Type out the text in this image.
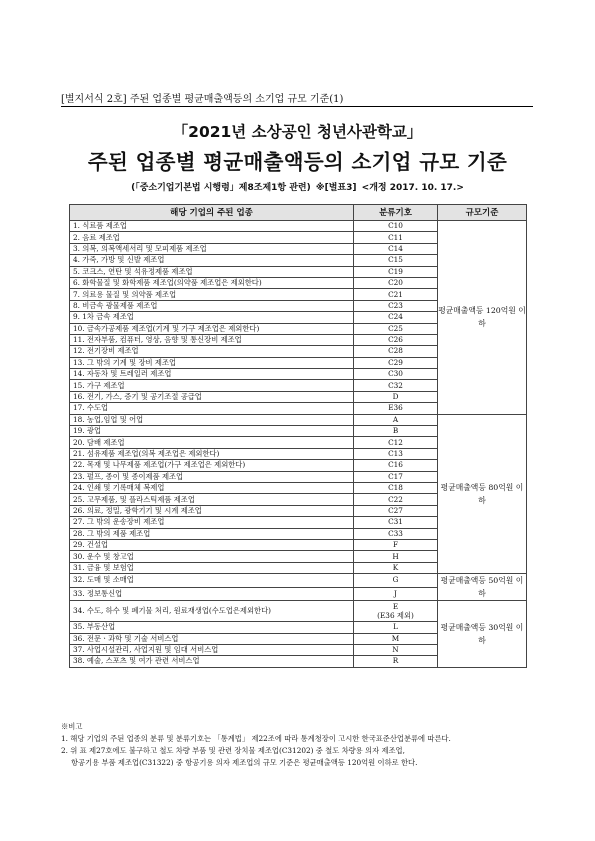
[별지서식 2호] 주된 업종별 평균매출액등의 소기업 규모 기준(1)
「2021년 소상공인 청년사관학교」
주된 업종별 평균매출액등의 소기업 규모 기준
(「중소기업기본법 시행령」제8조제1항 관련) ※[별표3] <개정 2017. 10. 17.>
해당 기업의 주된 업종	분류기호	규모기준
1. 식료품 제조업	C10	평균매출액등 120억원 이하
2. 음료 제조업	C11	
3. 의복, 의복액세서리 및 모피제품 제조업	C14	
4. 가죽, 가방 및 신발 제조업	C15	
5. 코크스, 연탄 및 석유정제품 제조업	C19	
6. 화학물질 및 화학제품 제조업(의약품 제조업은 제외한다)	C20	
7. 의료용 물질 및 의약품 제조업	C21	
8. 비금속 광물제품 제조업	C23	
9. 1차 금속 제조업	C24	
10. 금속가공제품 제조업(기계 및 가구 제조업은 제외한다)	C25	
11. 전자부품, 컴퓨터, 영상, 음향 및 통신장비 제조업	C26	
12. 전기장비 제조업	C28	
13. 그 밖의 기계 및 장비 제조업	C29	
14. 자동차 및 트레일러 제조업	C30	
15. 가구 제조업	C32	
16. 전기, 가스, 증기 및 공기조절 공급업	D	
17. 수도업	E36	
18. 농업,임업 및 어업	A	평균매출액등 80억원 이하
19. 광업	B	
20. 담배 제조업	C12	
21. 섬유제품 제조업(의복 제조업은 제외한다)	C13	
22. 목재 및 나무제품 제조업(가구 제조업은 제외한다)	C16	
23. 펄프, 종이 및 종이제품 제조업	C17	
24. 인쇄 및 기록매체 복제업	C18	
25. 고무제품, 및 플라스틱제품 제조업	C22	
26. 의료, 정밀, 광학기기 및 시계 제조업	C27	
27. 그 밖의 운송장비 제조업	C31	
28. 그 밖의 제품 제조업	C33	
29. 건설업	F	
30. 운수 및 창고업	H	
31. 금융 및 보험업	K	
32. 도매 및 소매업	G	평균매출액등 50억원 이하
33. 정보통신업	J	
34. 수도, 하수 및 폐기물 처리, 원료재생업(수도업은제외한다)	E
(E36 제외)	평균매출액등 30억원 이하
35. 부동산업	L	
36. 전문ㆍ과학 및 기술 서비스업	M	
37. 사업시설관리, 사업지원 및 임대 서비스업	N	
38. 예술, 스포츠 및 여가 관련 서비스업	R	
※비고
1. 해당 기업의 주된 업종의 분류 및 분류기호는 「통계법」 제22조에 따라 통계청장이 고시한 한국표준산업분류에 따른다.
2. 위 표 제27호에도 불구하고 철도 차량 부품 및 관련 장치물 제조업(C31202) 중 철도 차량용 의자 제조업,
항공기용 부품 제조업(C31322) 중 항공기용 의자 제조업의 규모 기준은 평균매출액등 120억원 이하로 한다.
